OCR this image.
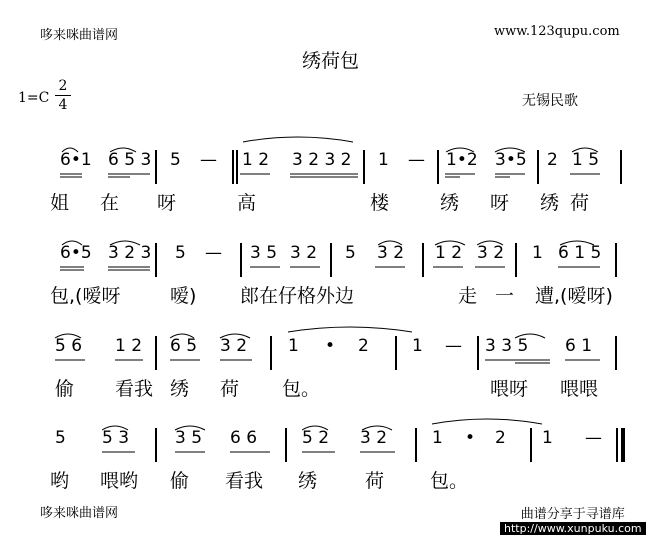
哆来咪曲谱网	www.123qupu.com
绣荷包
1=C
2
4	无锡民歌
6•1 6 5 3 5 — 1 2 3 2 3 2 1 — 1•2 3•5 2 1 5
姐 在 呀	高	楼	绣 呀 绣 荷
6•5 3 2 3 5 — 3 5 3 2 5 3 2 1 2 3 2 1 6 1 5
包,(嗳呀	嗳) 郎在仔格外边	走 一 遭,(嗳呀)
5 6 1 2 6 5 3 2 1 • 2	1 — 3 3 5 6 1
偷 看我 绣 荷 包。	喂呀 喂喂
5 5 3	3 5 6 6	5 2 3 2	1 • 2 1 —
哟 喂哟 偷 看我 绣	荷 包。
哆来咪曲谱网	曲谱分享于寻谱库
http://www.xunpuku.com
